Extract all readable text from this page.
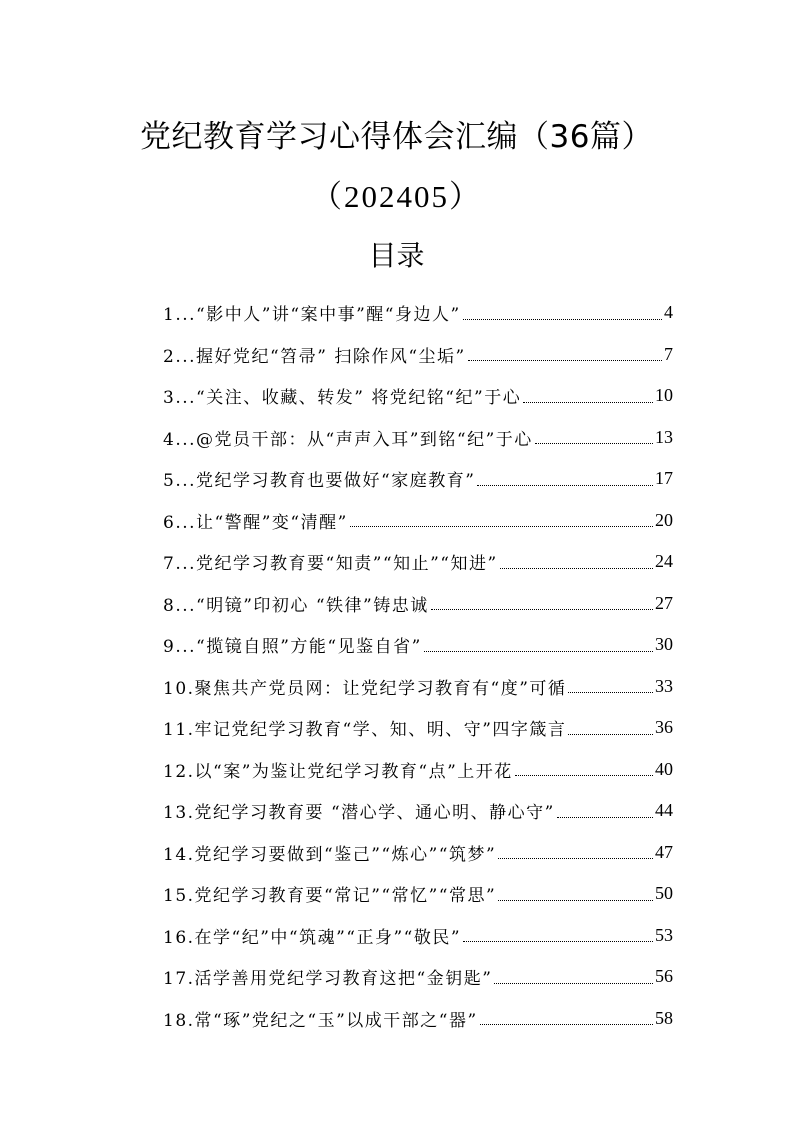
党纪教育学习心得体会汇编（36篇）
（202405）
目录
1...“影中人”讲“案中事”醒“身边人”	4
2...握好党纪“笤帚” 扫除作风“尘垢”	7
3...“关注、收藏、转发” 将党纪铭“纪”于心	10
4...@党员干部：从“声声入耳”到铭“纪”于心	13
5...党纪学习教育也要做好“家庭教育”	17
6...让“警醒”变“清醒”	20
7...党纪学习教育要“知责”“知止”“知进”	24
8...“明镜”印初心 “铁律”铸忠诚	27
9...“揽镜自照”方能“见鉴自省”	30
10.聚焦共产党员网：让党纪学习教育有“度”可循	33
11.牢记党纪学习教育“学、知、明、守”四字箴言	36
12.以“案”为鉴让党纪学习教育“点”上开花	40
13.党纪学习教育要 “潜心学、通心明、静心守”	44
14.党纪学习要做到“鉴己”“炼心”“筑梦”	47
15.党纪学习教育要“常记”“常忆”“常思”	50
16.在学“纪”中“筑魂”“正身”“敬民”	53
17.活学善用党纪学习教育这把“金钥匙”	56
18.常“琢”党纪之“玉”以成干部之“器”	58
